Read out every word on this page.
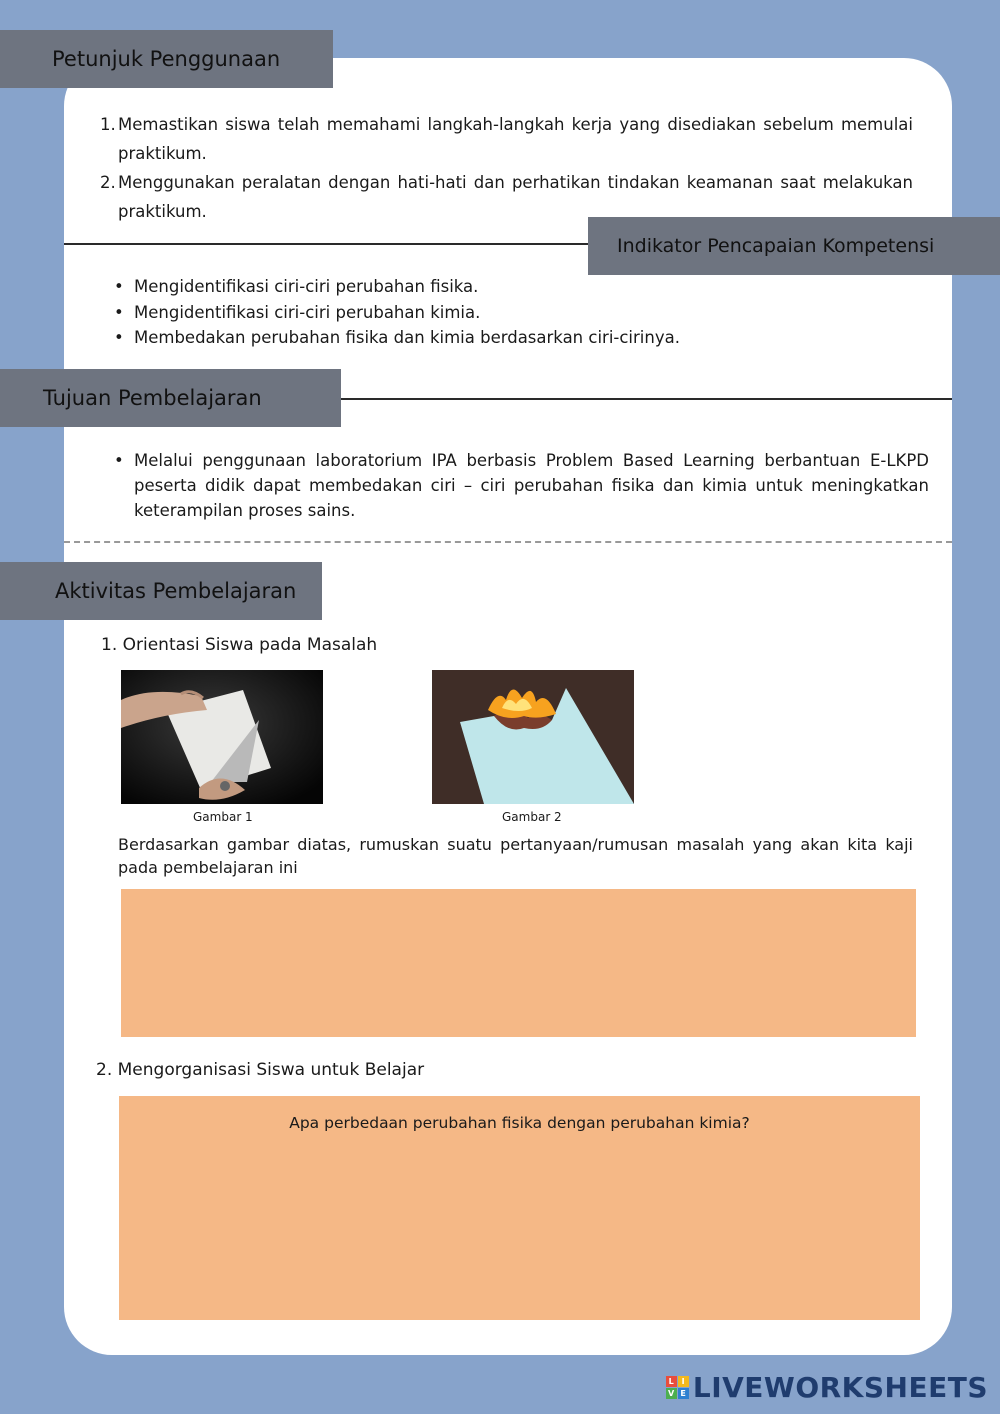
Petunjuk Penggunaan
1. Memastikan siswa telah memahami langkah-langkah kerja yang disediakan sebelum memulai praktikum.
2. Menggunakan peralatan dengan hati-hati dan perhatikan tindakan keamanan saat melakukan praktikum.
Indikator Pencapaian Kompetensi
• Mengidentifikasi ciri-ciri perubahan fisika.
• Mengidentifikasi ciri-ciri perubahan kimia.
• Membedakan perubahan fisika dan kimia berdasarkan ciri-cirinya.
Tujuan Pembelajaran
• Melalui penggunaan laboratorium IPA berbasis Problem Based Learning berbantuan E-LKPD peserta didik dapat membedakan ciri – ciri perubahan fisika dan kimia untuk meningkatkan keterampilan proses sains.
Aktivitas Pembelajaran
1. Orientasi Siswa pada Masalah
Gambar 1	Gambar 2
Berdasarkan gambar diatas, rumuskan suatu pertanyaan/rumusan masalah yang akan kita kaji pada pembelajaran ini
2. Mengorganisasi Siswa untuk Belajar
Apa perbedaan perubahan fisika dengan perubahan kimia?
L I
V E LIVEWORKSHEETS
